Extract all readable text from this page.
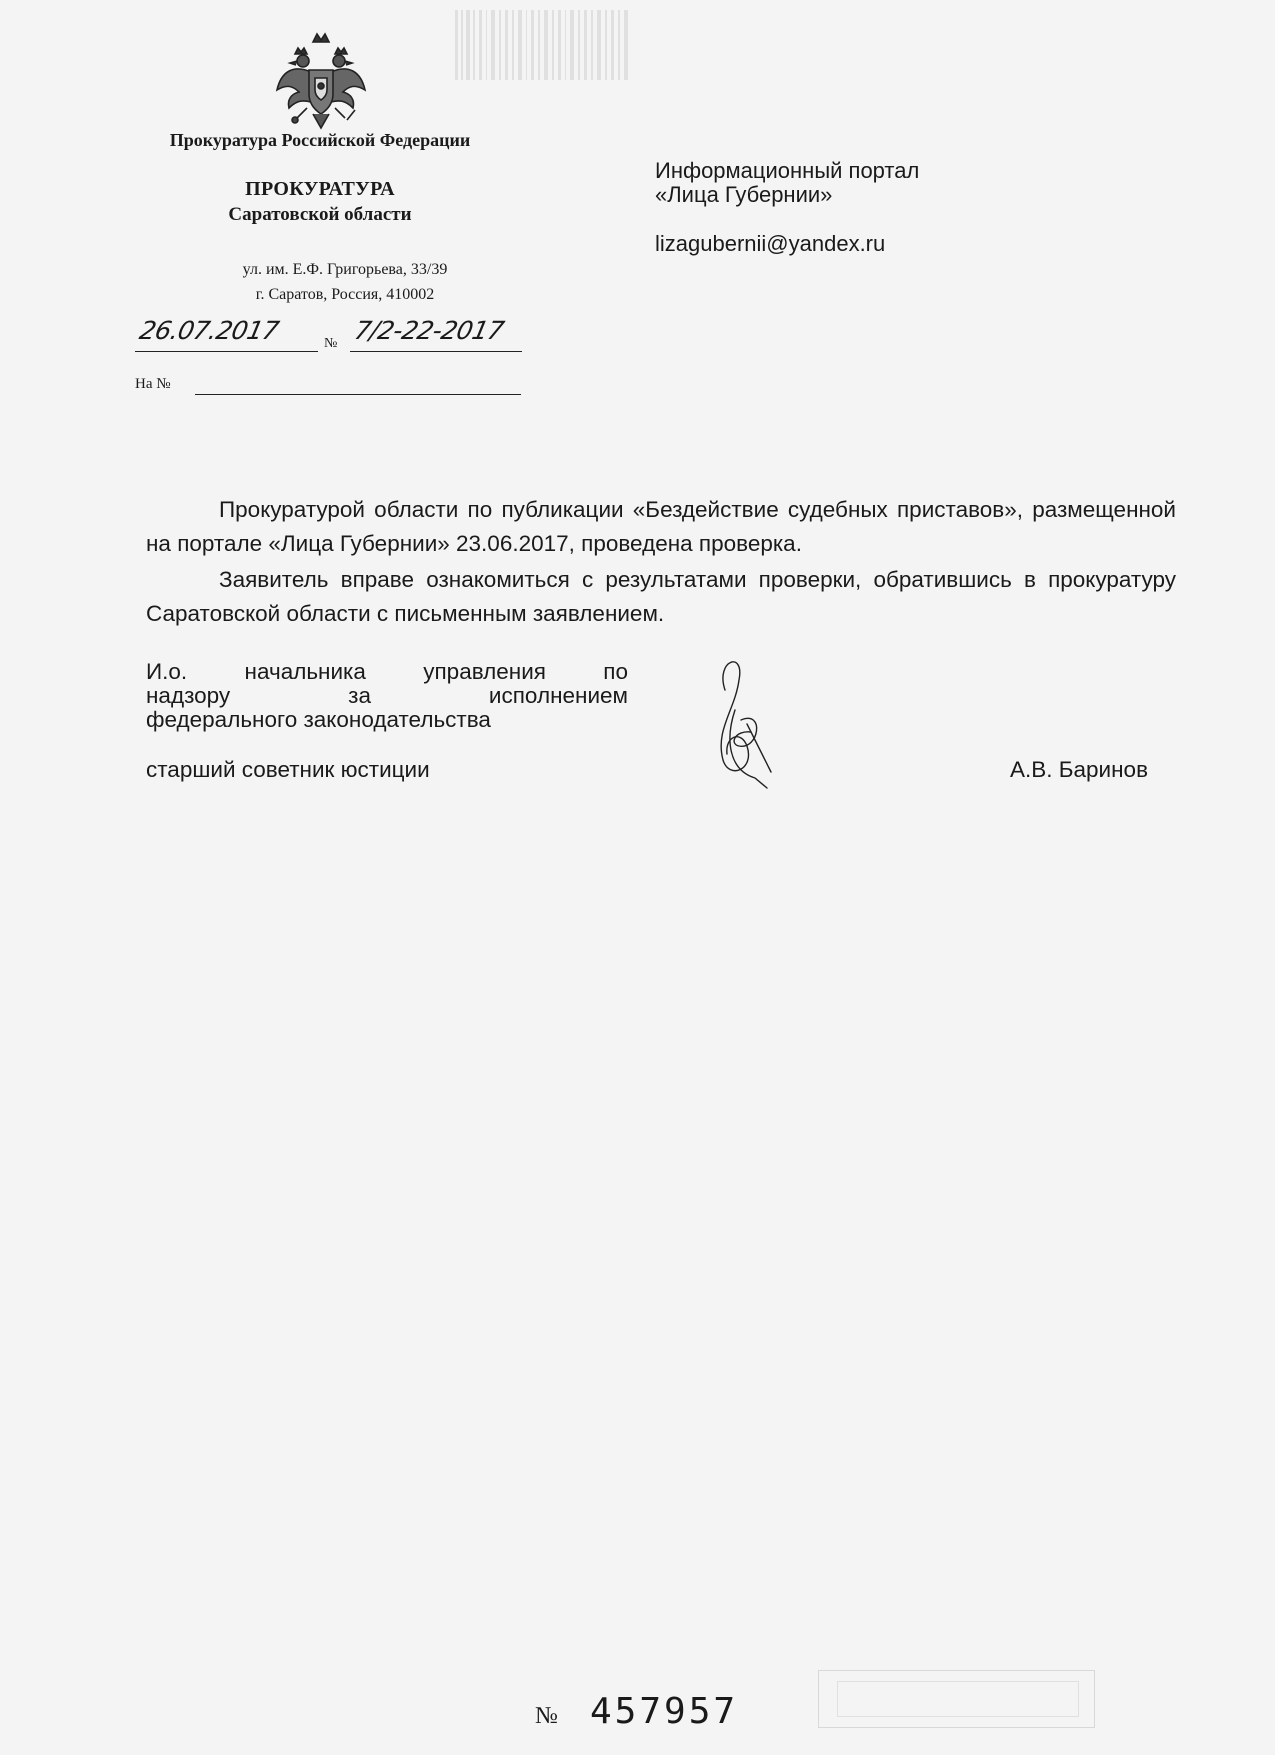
Прокуратура Российской Федерации
ПРОКУРАТУРА
Саратовской области
ул. им. Е.Ф. Григорьева, 33/39
г. Саратов, Россия, 410002
26.07.2017	№ 7/2-22-2017
На №
Информационный портал
«Лица Губернии»
lizagubernii@yandex.ru
Прокуратурой области по публикации «Бездействие судебных приставов», размещенной на портале «Лица Губернии» 23.06.2017, проведена проверка.
Заявитель вправе ознакомиться с результатами проверки, обратившись в прокуратуру Саратовской области с письменным заявлением.
И.о. начальника управления по
надзору за исполнением
федерального законодательства
старший советник юстиции	А.В. Баринов
№ 457957
